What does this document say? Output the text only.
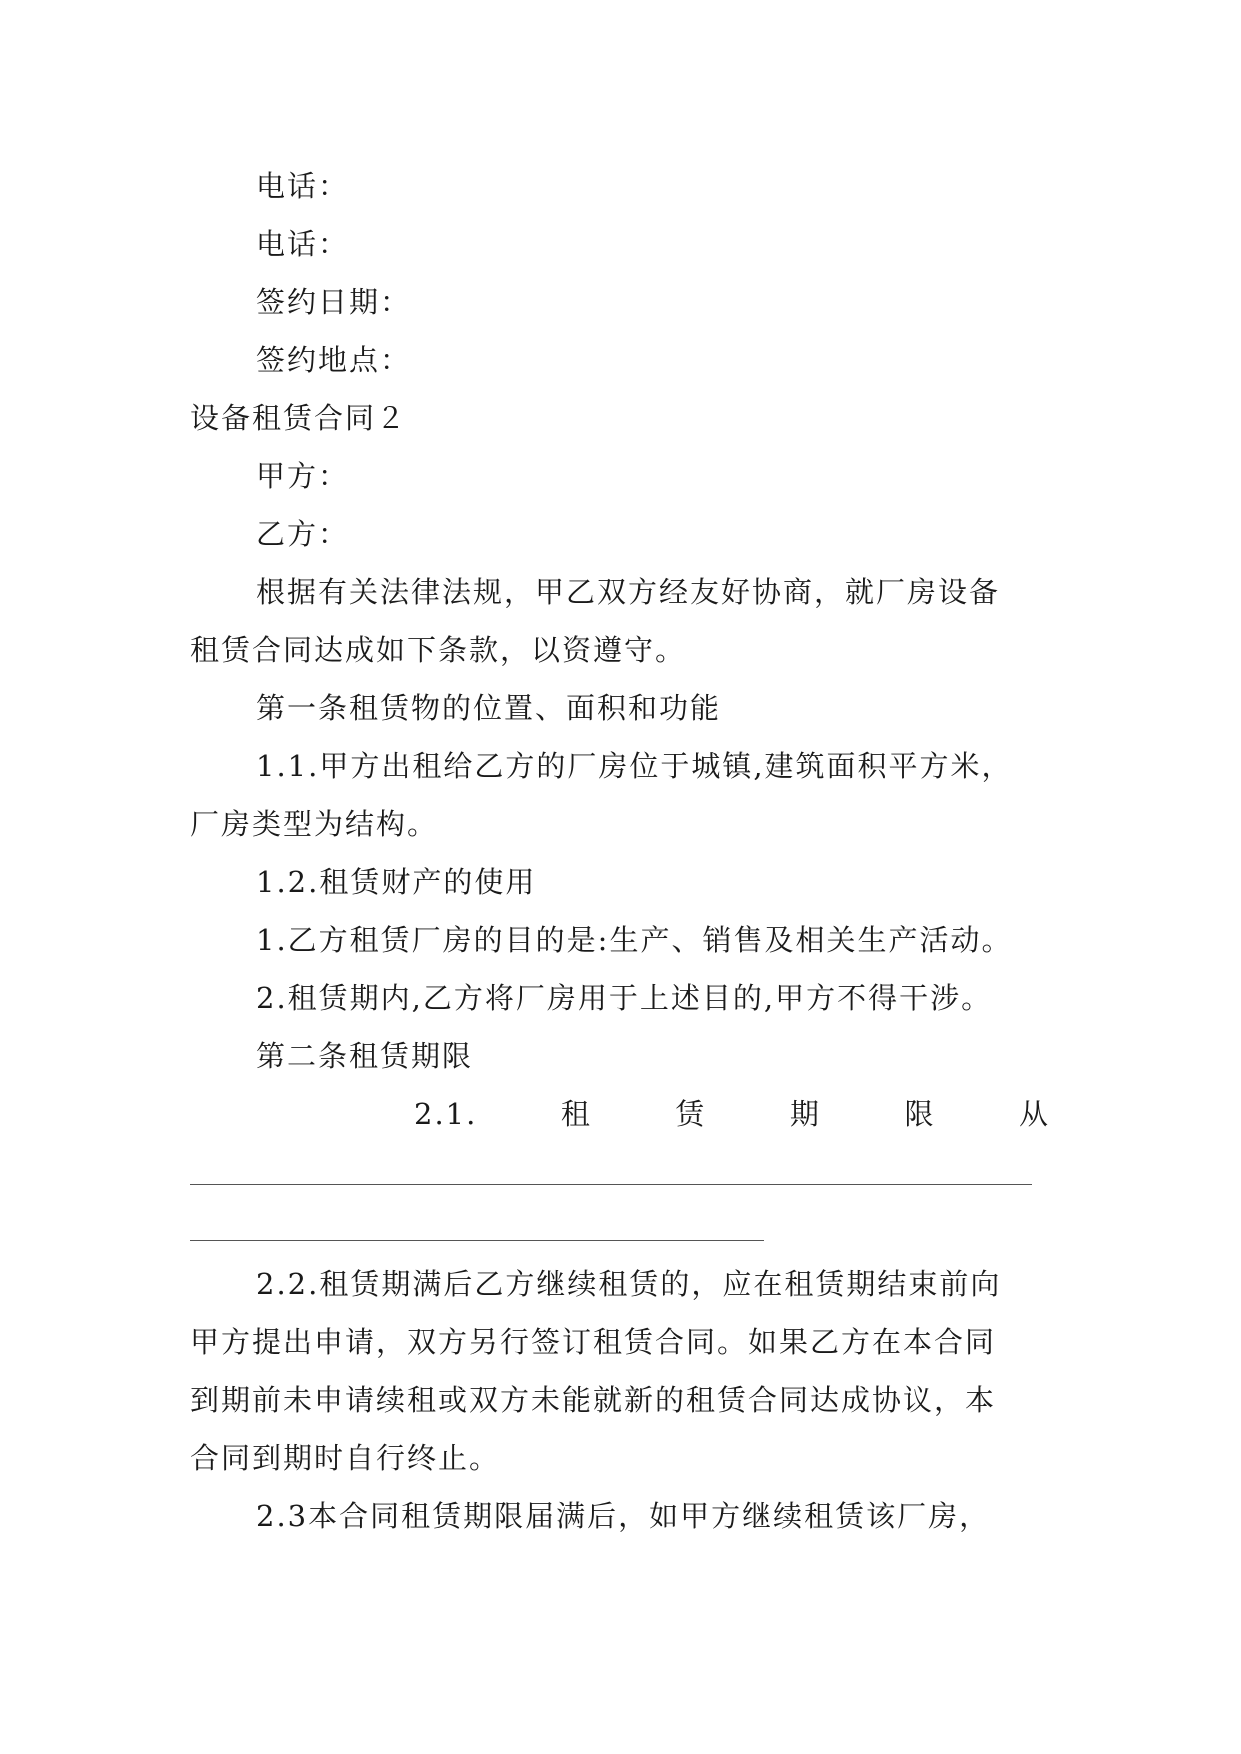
电话：
电话：
签约日期：
签约地点：
设备租赁合同２
甲方：
乙方：
根据有关法律法规，甲乙双方经友好协商，就厂房设备
租赁合同达成如下条款，以资遵守。
第一条租赁物的位置、面积和功能
1.1.甲方出租给乙方的厂房位于城镇,建筑面积平方米，
厂房类型为结构。
1.2.租赁财产的使用
1.乙方租赁厂房的目的是:生产、销售及相关生产活动。
2.租赁期内,乙方将厂房用于上述目的,甲方不得干涉。
第二条租赁期限
2.1.	租	赁	期	限	从
2.2.租赁期满后乙方继续租赁的，应在租赁期结束前向
甲方提出申请，双方另行签订租赁合同。如果乙方在本合同
到期前未申请续租或双方未能就新的租赁合同达成协议，本
合同到期时自行终止。
2.3本合同租赁期限届满后，如甲方继续租赁该厂房，
